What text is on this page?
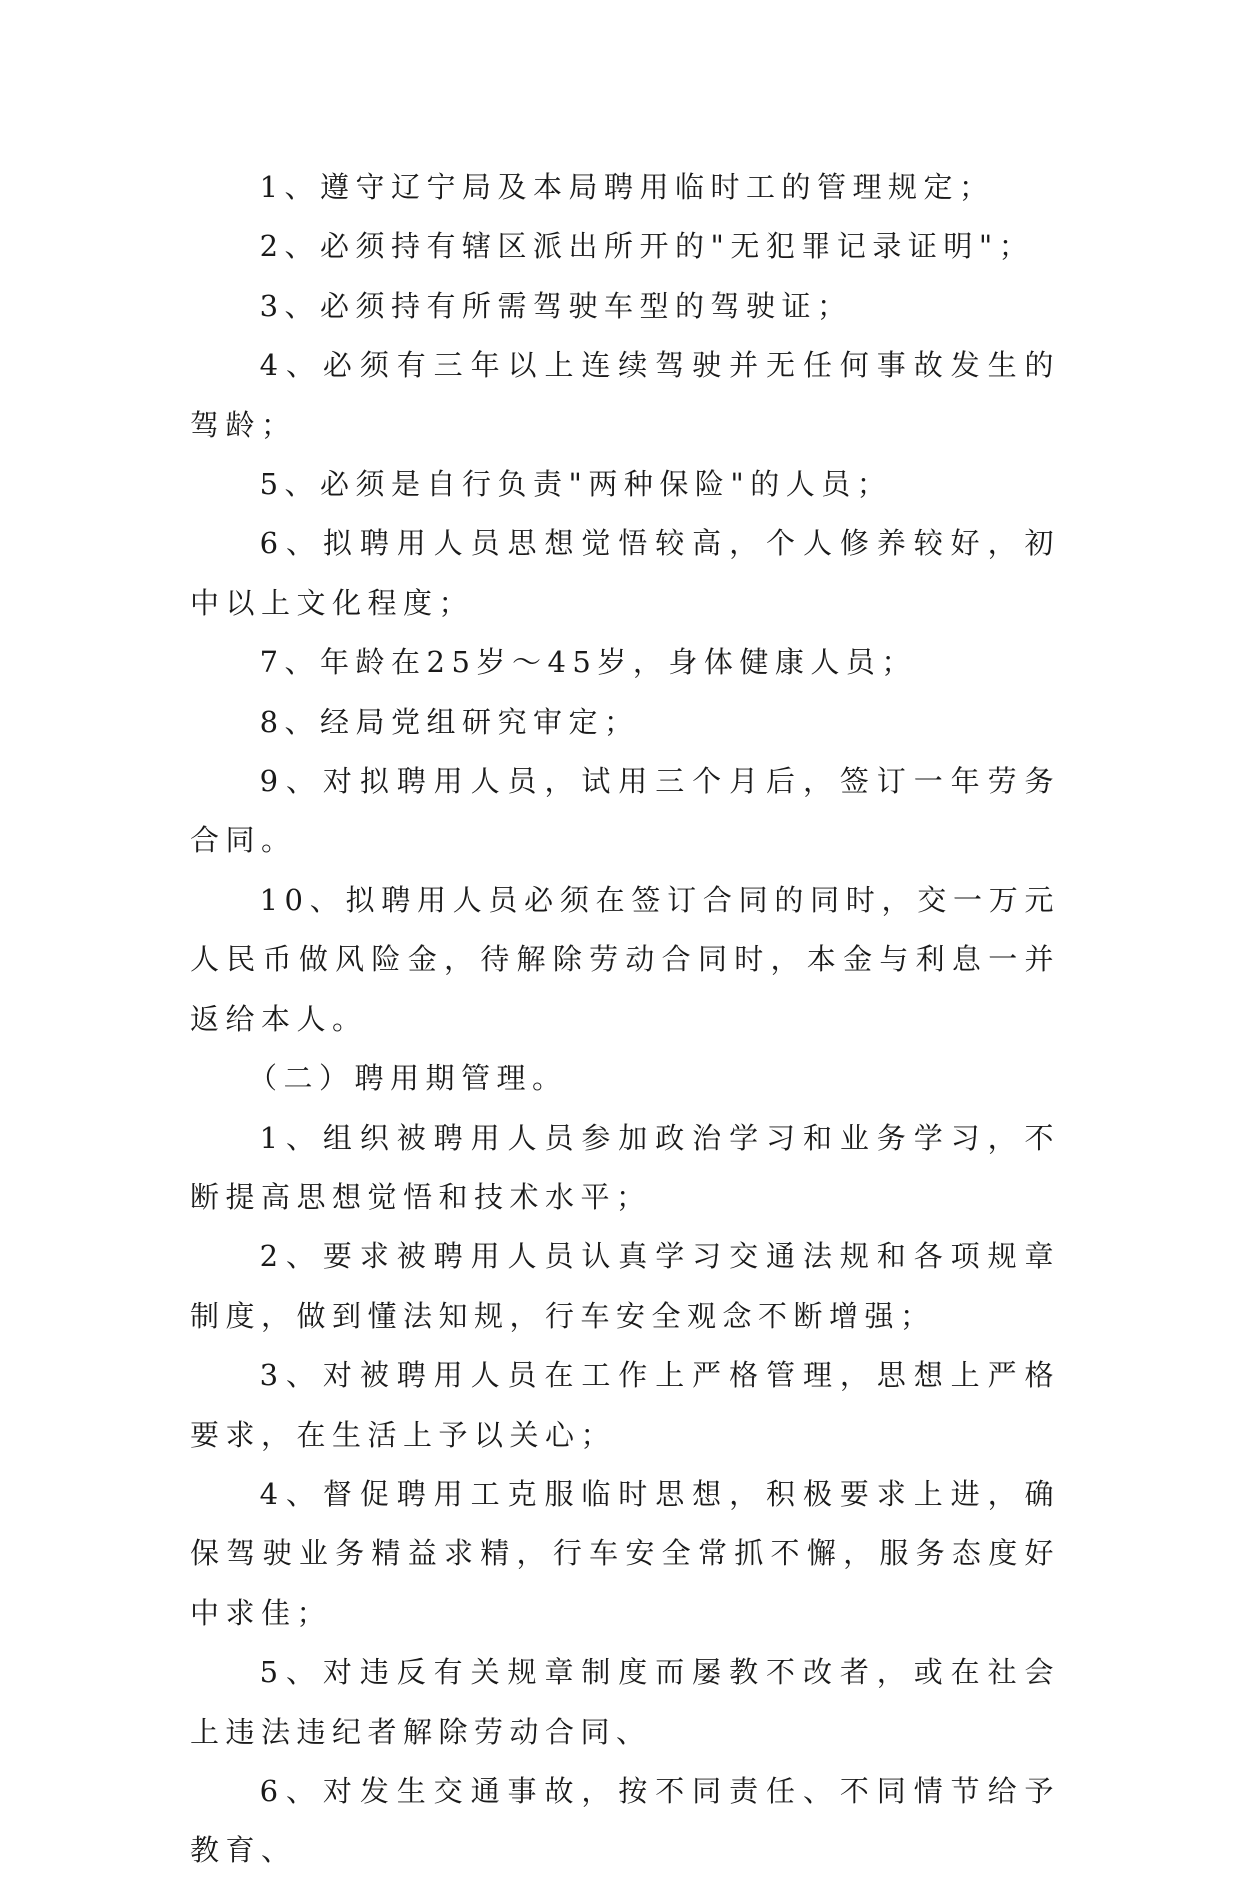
1、遵守辽宁局及本局聘用临时工的管理规定；

2、必须持有辖区派出所开的"无犯罪记录证明"；

3、必须持有所需驾驶车型的驾驶证；

4、必须有三年以上连续驾驶并无任何事故发生的驾龄；

5、必须是自行负责"两种保险"的人员；

6、拟聘用人员思想觉悟较高，个人修养较好，初中以上文化程度；

7、年龄在25岁～45岁，身体健康人员；

8、经局党组研究审定；

9、对拟聘用人员，试用三个月后，签订一年劳务合同。

10、拟聘用人员必须在签订合同的同时，交一万元人民币做风险金，待解除劳动合同时，本金与利息一并返给本人。

（二）聘用期管理。

1、组织被聘用人员参加政治学习和业务学习，不断提高思想觉悟和技术水平；

2、要求被聘用人员认真学习交通法规和各项规章制度，做到懂法知规，行车安全观念不断增强；

3、对被聘用人员在工作上严格管理，思想上严格要求，在生活上予以关心；

4、督促聘用工克服临时思想，积极要求上进，确保驾驶业务精益求精，行车安全常抓不懈，服务态度好中求佳；

5、对违反有关规章制度而屡教不改者，或在社会上违法违纪者解除劳动合同、

6、对发生交通事故，按不同责任、不同情节给予教育、
